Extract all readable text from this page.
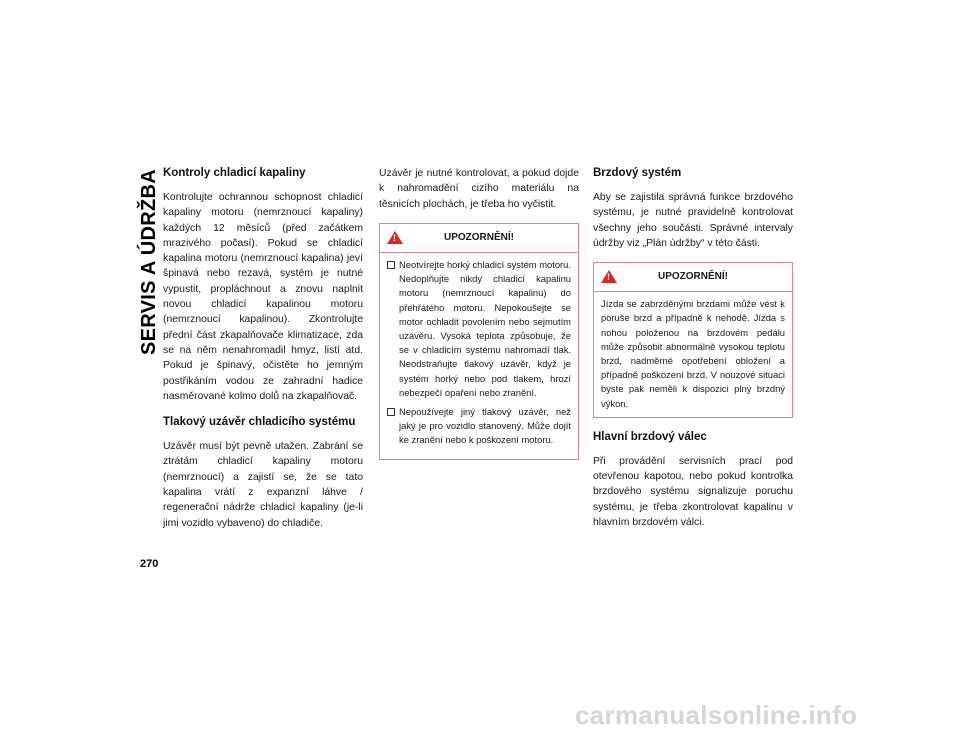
SERVIS A ÚDRŽBA
270
Kontroly chladicí kapaliny

Kontrolujte ochrannou schopnost chladicí kapaliny motoru (nemrznoucí kapaliny) každých 12 měsíců (před začátkem mrazivého počasí). Pokud se chladicí kapalina motoru (nemrznoucí kapalina) jeví špinavá nebo rezavá, systém je nutné vypustit, propláchnout a znovu naplnit novou chladicí kapalinou motoru (nemrznoucí kapalinou). Zkontrolujte přední část zkapalňovače klimatizace, zda se na něm nenahromadil hmyz, listí atd. Pokud je špinavý, očistěte ho jemným postřikáním vodou ze zahradní hadice nasměrované kolmo dolů na zkapalňovač.

Tlakový uzávěr chladicího systému

Uzávěr musí být pevně utažen. Zabrání se ztrátám chladicí kapaliny motoru (nemrznoucí) a zajistí se, že se tato kapalina vrátí z expanzní láhve / regenerační nádrže chladicí kapaliny (je-li jimi vozidlo vybaveno) do chladiče.

Uzávěr je nutné kontrolovat, a pokud dojde k nahromadění cizího materiálu na těsnicích plochách, je třeba ho vyčistit.

!
UPOZORNĚNÍ!

Neotvírejte horký chladicí systém motoru. Nedoplňujte nikdy chladicí kapalinu motoru (nemrznoucí kapalinu) do přehřátého motoru. Nepokoušejte se motor ochladit povolením nebo sejmutím uzávěru. Vysoká teplota způsobuje, že se v chladicím systému nahromadí tlak. Neodstraňujte tlakový uzávěr, když je systém horký nebo pod tlakem, hrozí nebezpečí opaření nebo zranění.

Nepoužívejte jiný tlakový uzávěr, než jaký je pro vozidlo stanovený. Může dojít ke zranění nebo k poškození motoru.

Brzdový systém

Aby se zajistila správná funkce brzdového systému, je nutné pravidelně kontrolovat všechny jeho součásti. Správné intervaly údržby viz „Plán údržby“ v této části.

!
UPOZORNĚNÍ!

Jízda se zabrzděnými brzdami může vést k poruše brzd a případně k nehodě. Jízda s nohou položenou na brzdovém pedálu může způsobit abnormálně vysokou teplotu brzd, nadměrné opotřebení obložení a případně poškození brzd. V nouzové situaci byste pak neměli k dispozici plný brzdný výkon.

Hlavní brzdový válec

Při provádění servisních prací pod otevřenou kapotou, nebo pokud kontrolka brzdového systému signalizuje poruchu systému, je třeba zkontrolovat kapalinu v hlavním brzdovém válci.

carmanualsonline.info
